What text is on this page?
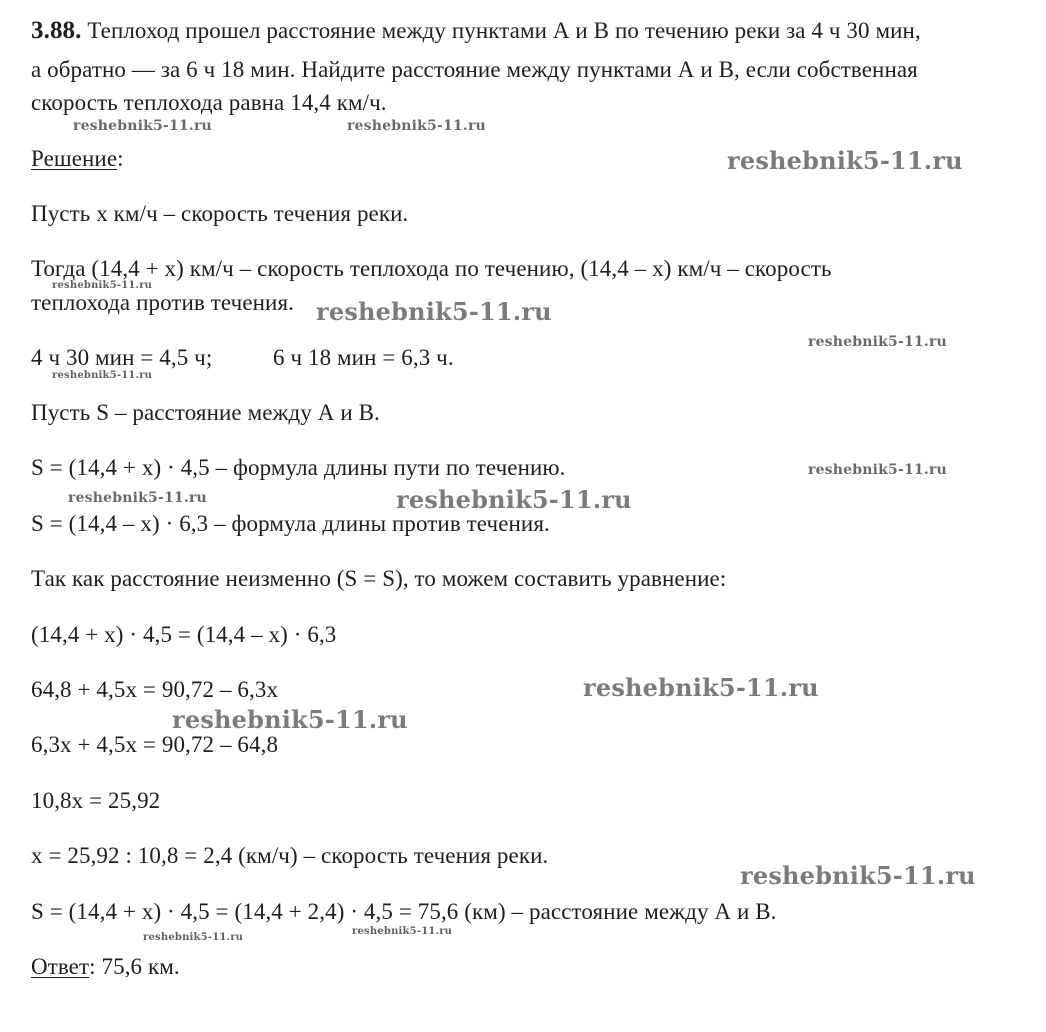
3.88. Теплоход прошел расстояние между пунктами А и В по течению реки за 4 ч 30 мин,
а обратно — за 6 ч 18 мин. Найдите расстояние между пунктами А и В, если собственная
скорость теплохода равна 14,4 км/ч.
Решение:
Пусть х км/ч – скорость течения реки.
Тогда (14,4 + х) км/ч – скорость теплохода по течению, (14,4 – х) км/ч – скорость
теплохода против течения.
4 ч 30 мин = 4,5 ч;	6 ч 18 мин = 6,3 ч.
Пусть S – расстояние между А и В.
S = (14,4 + х) · 4,5 – формула длины пути по течению.
S = (14,4 – х) · 6,3 – формула длины против течения.
Так как расстояние неизменно (S = S), то можем составить уравнение:
(14,4 + х) · 4,5 = (14,4 – х) · 6,3
64,8 + 4,5х = 90,72 – 6,3х
6,3х + 4,5х = 90,72 – 64,8
10,8х = 25,92
х = 25,92 : 10,8 = 2,4 (км/ч) – скорость течения реки.
S = (14,4 + х) · 4,5 = (14,4 + 2,4) · 4,5 = 75,6 (км) – расстояние между А и В.
Ответ: 75,6 км.
reshebnik5-11.ru	reshebnik5-11.ru
reshebnik5-11.ru
reshebnik5-11.ru
reshebnik5-11.ru
reshebnik5-11.ru
reshebnik5-11.ru
reshebnik5-11.ru
reshebnik5-11.ru	reshebnik5-11.ru
reshebnik5-11.ru
reshebnik5-11.ru
reshebnik5-11.ru
reshebnik5-11.ru
reshebnik5-11.ru
